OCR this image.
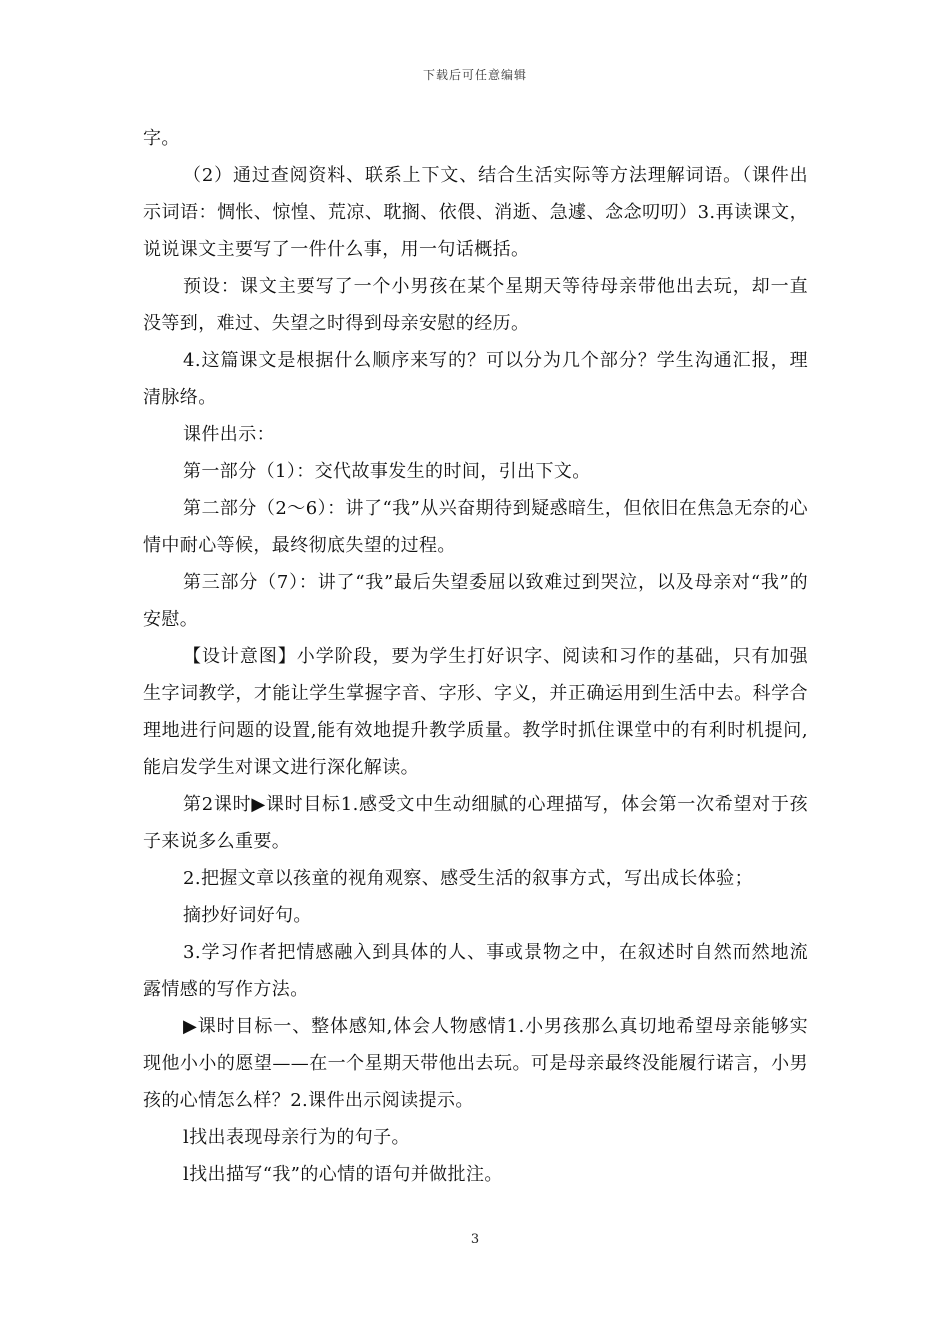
下载后可任意编辑

字。

（2）通过查阅资料、联系上下文、结合生活实际等方法理解词语。（课件出示词语：惆怅、惊惶、荒凉、耽搁、依偎、消逝、急遽、念念叨叨）3.再读课文，说说课文主要写了一件什么事，用一句话概括。

预设：课文主要写了一个小男孩在某个星期天等待母亲带他出去玩，却一直没等到，难过、失望之时得到母亲安慰的经历。

4.这篇课文是根据什么顺序来写的？可以分为几个部分？学生沟通汇报，理清脉络。

课件出示：

第一部分（1）：交代故事发生的时间，引出下文。

第二部分（2～6）：讲了“我”从兴奋期待到疑惑暗生，但依旧在焦急无奈的心情中耐心等候，最终彻底失望的过程。

第三部分（7）：讲了“我”最后失望委屈以致难过到哭泣，以及母亲对“我”的安慰。

【设计意图】小学阶段，要为学生打好识字、阅读和习作的基础，只有加强生字词教学，才能让学生掌握字音、字形、字义，并正确运用到生活中去。科学合理地进行问题的设置,能有效地提升教学质量。教学时抓住课堂中的有利时机提问,能启发学生对课文进行深化解读。

第2课时▶课时目标1.感受文中生动细腻的心理描写，体会第一次希望对于孩子来说多么重要。

2.把握文章以孩童的视角观察、感受生活的叙事方式，写出成长体验；

摘抄好词好句。

3.学习作者把情感融入到具体的人、事或景物之中，在叙述时自然而然地流露情感的写作方法。

▶课时目标一、整体感知,体会人物感情1.小男孩那么真切地希望母亲能够实现他小小的愿望——在一个星期天带他出去玩。可是母亲最终没能履行诺言，小男孩的心情怎么样？2.课件出示阅读提示。

l找出表现母亲行为的句子。

l找出描写“我”的心情的语句并做批注。

3
